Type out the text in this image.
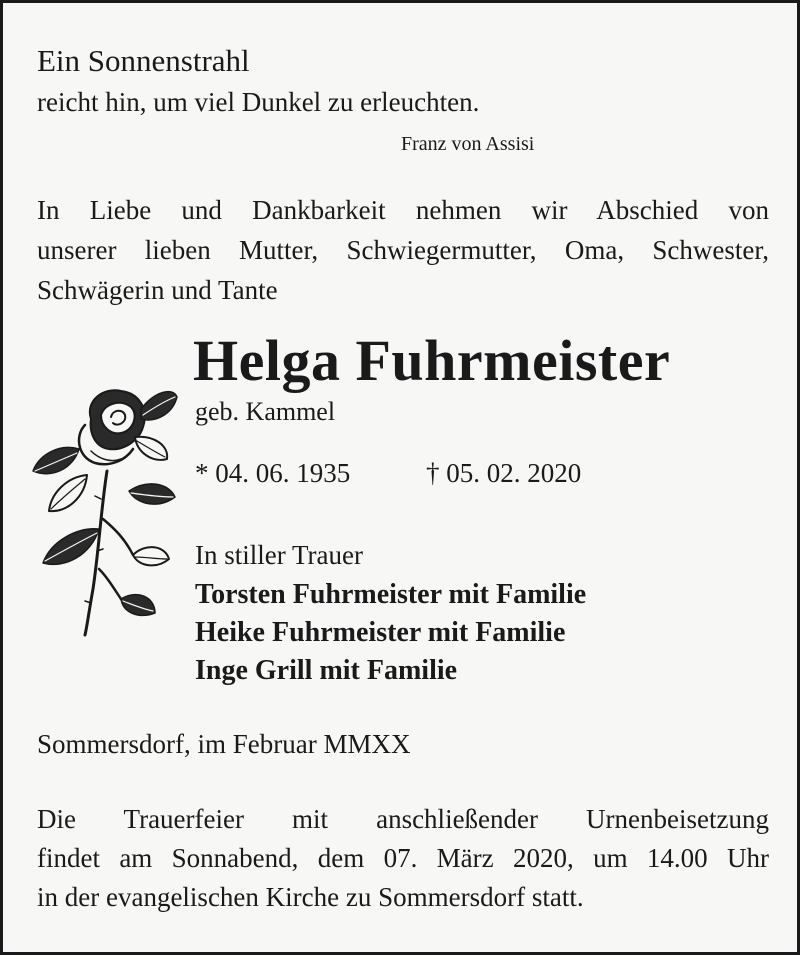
Ein Sonnenstrahl

reicht hin, um viel Dunkel zu erleuchten.

Franz von Assisi

In Liebe und Dankbarkeit nehmen wir Abschied von
unserer lieben Mutter, Schwiegermutter, Oma, Schwester,
Schwägerin und Tante

Helga Fuhrmeister

geb. Kammel

* 04. 06. 1935	† 05. 02. 2020

In stiller Trauer

Torsten Fuhrmeister mit Familie
Heike Fuhrmeister mit Familie
Inge Grill mit Familie

Sommersdorf, im Februar MMXX

Die Trauerfeier mit anschließender Urnenbeisetzung
findet am Sonnabend, dem 07. März 2020, um 14.00 Uhr
in der evangelischen Kirche zu Sommersdorf statt.
